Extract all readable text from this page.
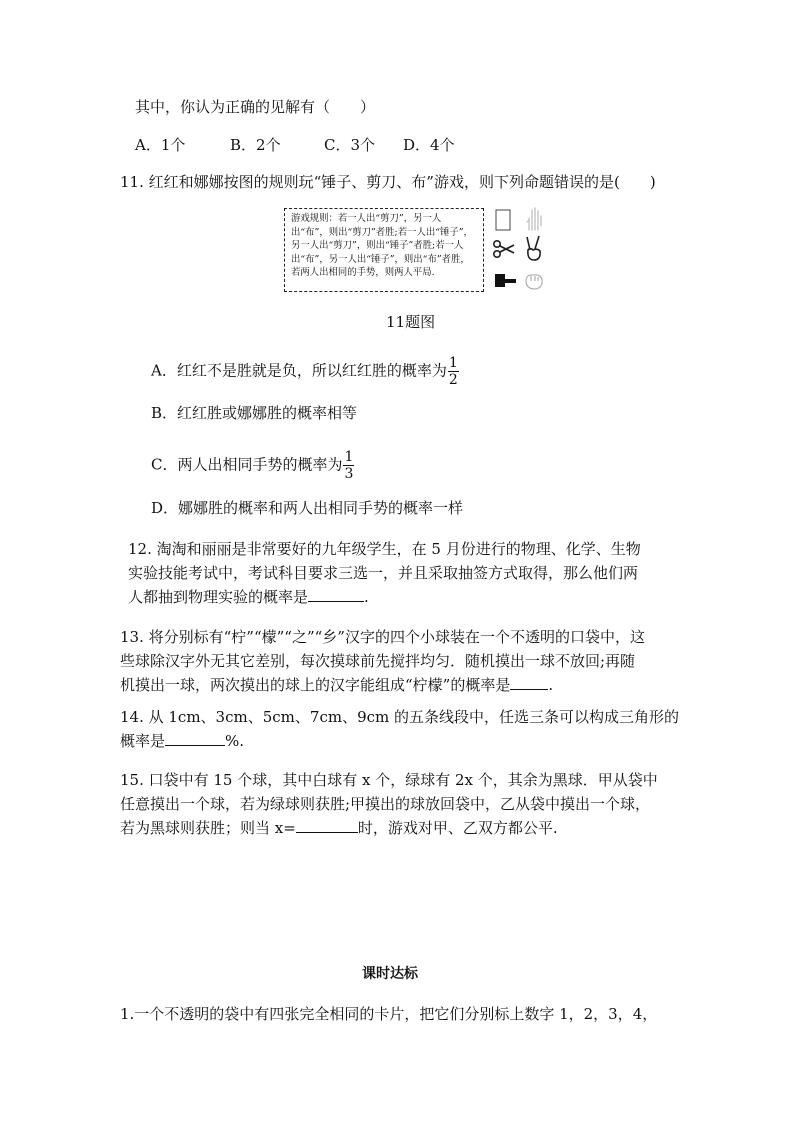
其中，你认为正确的见解有（　　）
A．1个	B．2个	C．3个 D．4个
11. 红红和娜娜按图的规则玩“锤子、剪刀、布”游戏，则下列命题错误的是(　　)
游戏规则：若一人出“剪刀”，另一人出“布”，则出“剪刀”者胜;若一人出“锤子”，另一人出“剪刀”，则出“锤子”者胜;若一人出“布”，另一人出“锤子”，则出“布”者胜，若两人出相同的手势，则两人平局.
11题图
A．红红不是胜就是负，所以红红胜的概率为 $\frac{1}{2}$
B．红红胜或娜娜胜的概率相等
C．两人出相同手势的概率为 $\frac{1}{3}$
D．娜娜胜的概率和两人出相同手势的概率一样
12. 淘淘和丽丽是非常要好的九年级学生，在 5 月份进行的物理、化学、生物
实验技能考试中，考试科目要求三选一，并且采取抽签方式取得，那么他们两
人都抽到物理实验的概率是	.
13. 将分别标有“柠”“檬”“之”“乡”汉字的四个小球装在一个不透明的口袋中，这
些球除汉字外无其它差别，每次摸球前先搅拌均匀．随机摸出一球不放回;再随
机摸出一球，两次摸出的球上的汉字能组成“柠檬”的概率是	.
14. 从 1cm、3cm、5cm、7cm、9cm 的五条线段中，任选三条可以构成三角形的
概率是	%.
15. 口袋中有 15 个球，其中白球有 x 个，绿球有 2x 个，其余为黑球．甲从袋中
任意摸出一个球，若为绿球则获胜;甲摸出的球放回袋中，乙从袋中摸出一个球，
若为黑球则获胜；则当 x=	时，游戏对甲、乙双方都公平.
课时达标
1.一个不透明的袋中有四张完全相同的卡片，把它们分别标上数字 1，2，3，4，
